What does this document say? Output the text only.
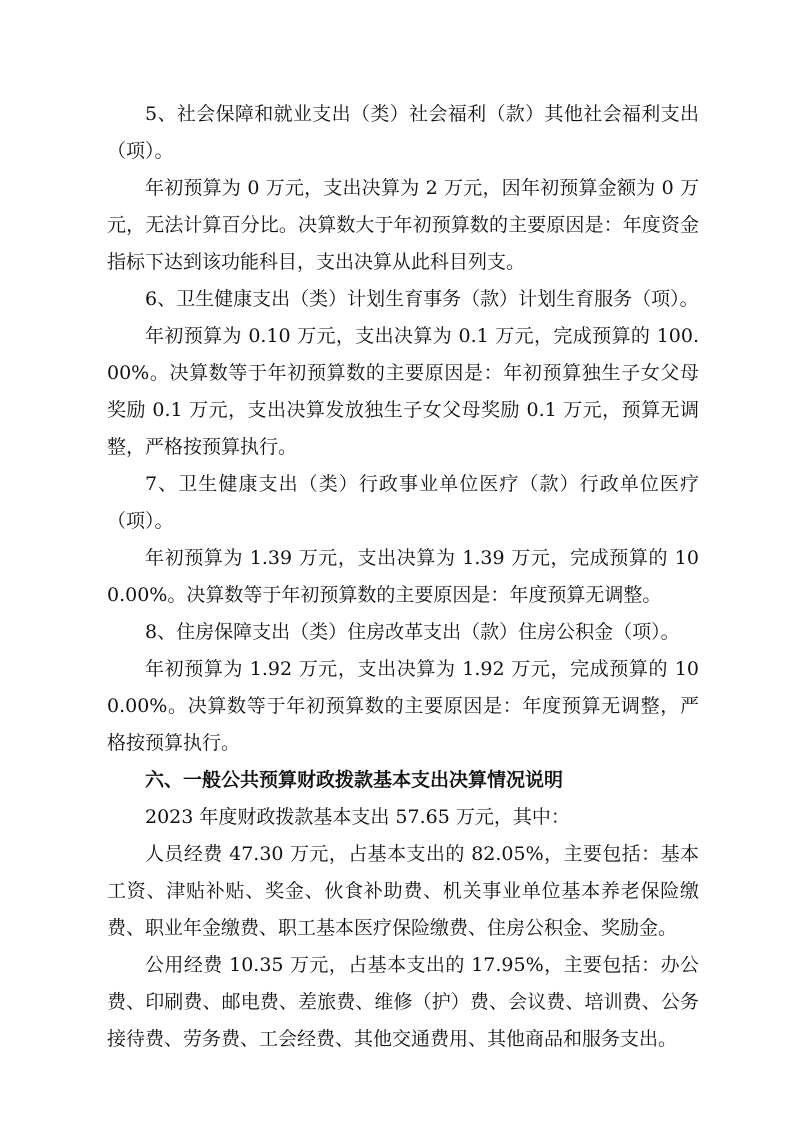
5、社会保障和就业支出（类）社会福利（款）其他社会福利支出（项）。

年初预算为 0 万元，支出决算为 2 万元，因年初预算金额为 0 万元，无法计算百分比。决算数大于年初预算数的主要原因是：年度资金指标下达到该功能科目，支出决算从此科目列支。

6、卫生健康支出（类）计划生育事务（款）计划生育服务（项）。

年初预算为 0.10 万元，支出决算为 0.1 万元，完成预算的 100.00%。决算数等于年初预算数的主要原因是：年初预算独生子女父母奖励 0.1 万元，支出决算发放独生子女父母奖励 0.1 万元，预算无调整，严格按预算执行。

7、卫生健康支出（类）行政事业单位医疗（款）行政单位医疗（项）。

年初预算为 1.39 万元，支出决算为 1.39 万元，完成预算的 100.00%。决算数等于年初预算数的主要原因是：年度预算无调整。

8、住房保障支出（类）住房改革支出（款）住房公积金（项）。

年初预算为 1.92 万元，支出决算为 1.92 万元，完成预算的 100.00%。决算数等于年初预算数的主要原因是：年度预算无调整，严格按预算执行。

六、一般公共预算财政拨款基本支出决算情况说明

2023 年度财政拨款基本支出 57.65 万元，其中：

人员经费 47.30 万元，占基本支出的 82.05%，主要包括：基本工资、津贴补贴、奖金、伙食补助费、机关事业单位基本养老保险缴费、职业年金缴费、职工基本医疗保险缴费、住房公积金、奖励金。

公用经费 10.35 万元，占基本支出的 17.95%，主要包括：办公费、印刷费、邮电费、差旅费、维修（护）费、会议费、培训费、公务接待费、劳务费、工会经费、其他交通费用、其他商品和服务支出。
